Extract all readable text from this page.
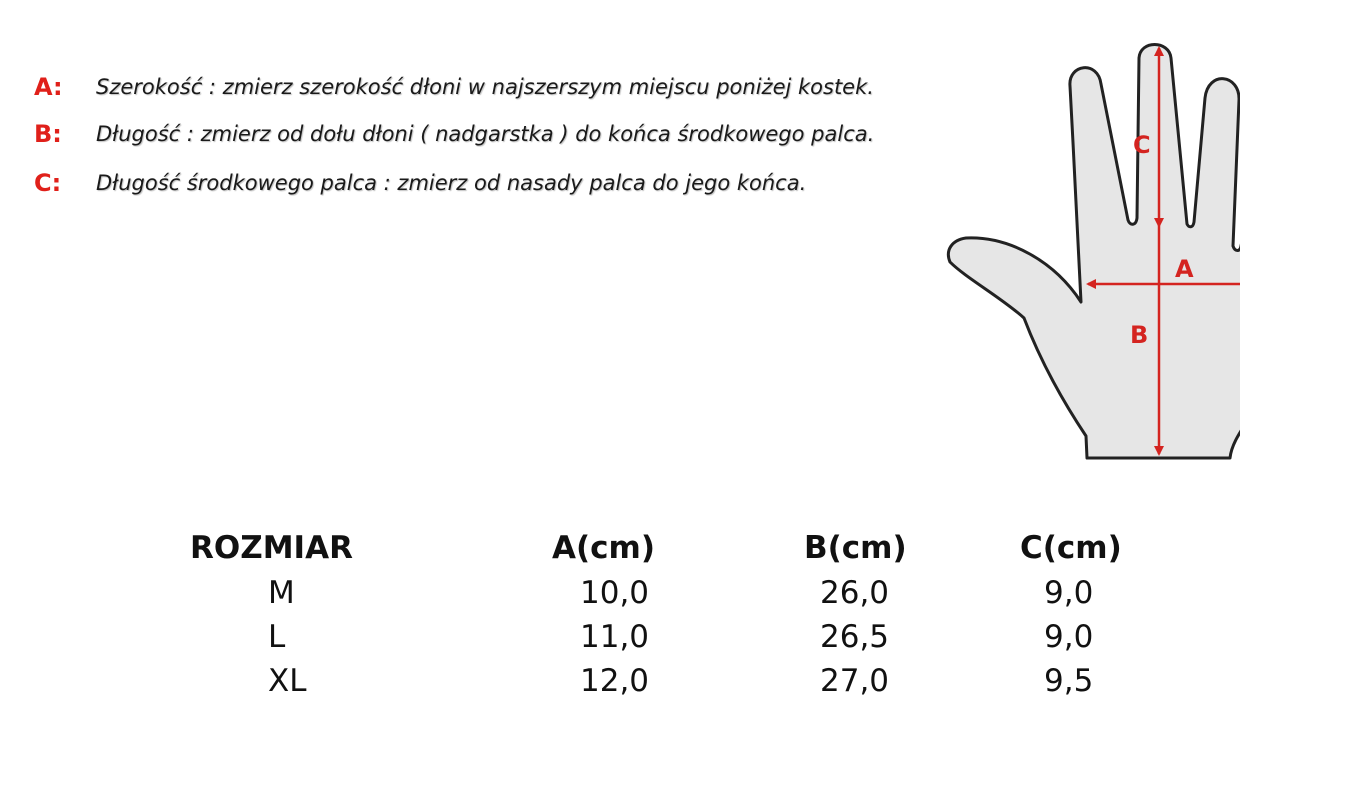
A:	Szerokość : zmierz szerokość dłoni w najszerszym miejscu poniżej kostek.
B:	Długość : zmierz od dołu dłoni ( nadgarstka ) do końca środkowego palca.
C:	Długość środkowego palca : zmierz od nasady palca do jego końca.
C
A
B
ROZMIAR	A(cm)	B(cm)	C(cm)
M	10,0	26,0	9,0
L	11,0	26,5	9,0
XL	12,0	27,0	9,5
